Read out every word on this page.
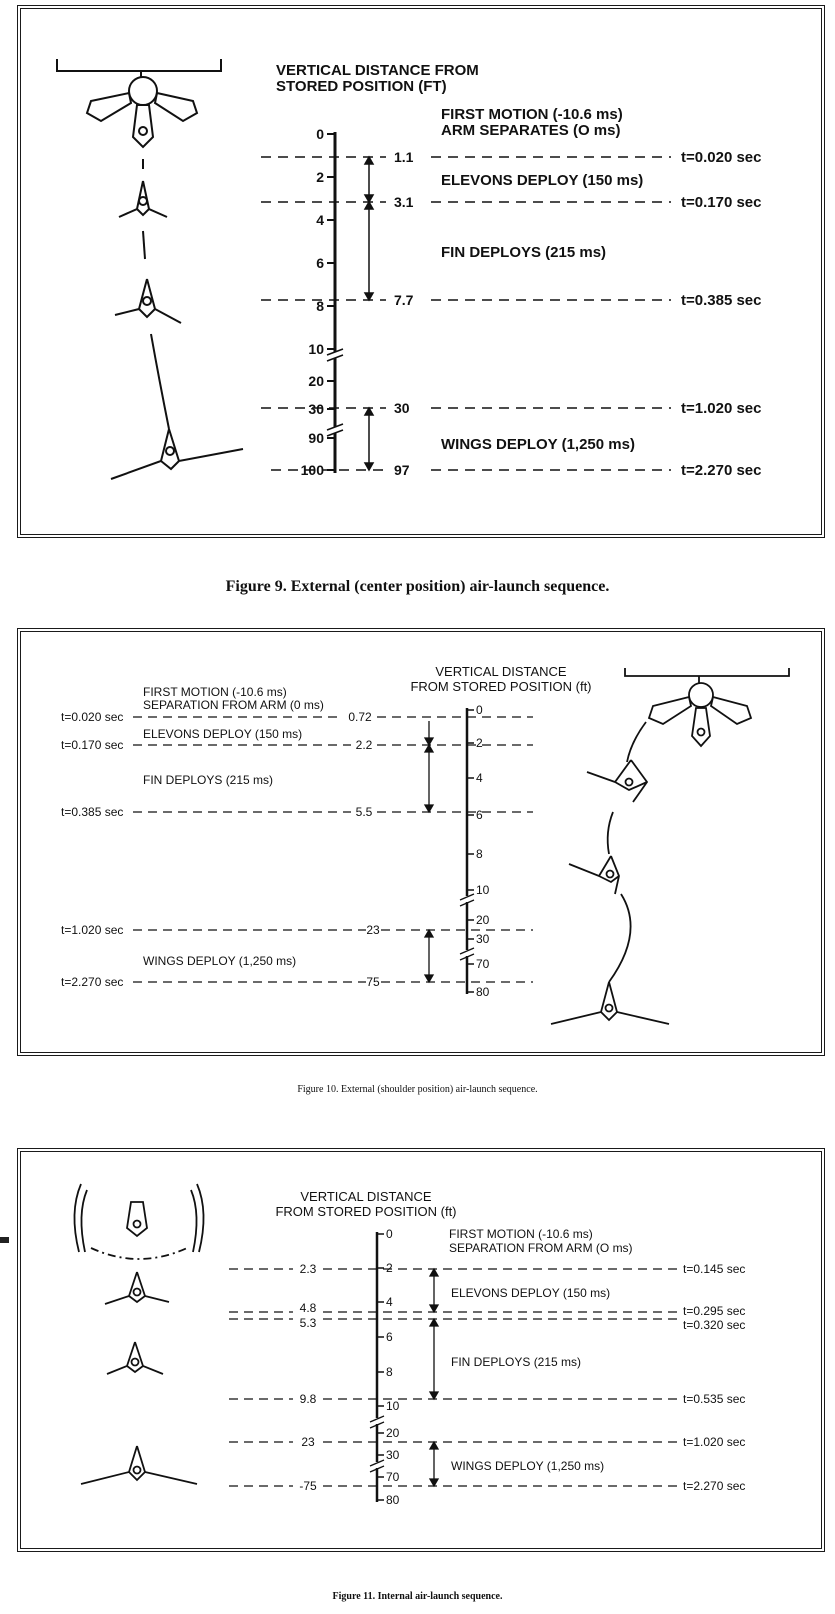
VERTICAL DISTANCE FROM
STORED POSITION (FT)
0
2
4
6
8
10
20
30
90
100
1.1
3.1
7.7
30
97
t=0.020 sec
t=0.170 sec
t=0.385 sec
t=1.020 sec
t=2.270 sec
FIRST MOTION (-10.6 ms)
ARM SEPARATES (O ms)
ELEVONS DEPLOY (150 ms)
FIN DEPLOYS (215 ms)
WINGS DEPLOY (1,250 ms)
Figure 9. External (center position) air-launch sequence.
VERTICAL DISTANCE
FROM STORED POSITION (ft)
0
2
4
6
8
10
20
30
70
80
t=0.020 sec
t=0.170 sec
t=0.385 sec
t=1.020 sec
t=2.270 sec
0.72
2.2
5.5
23
75
FIRST MOTION (-10.6 ms)
SEPARATION FROM ARM (0 ms)
ELEVONS DEPLOY (150 ms)
FIN DEPLOYS (215 ms)
WINGS DEPLOY (1,250 ms)
Figure 10. External (shoulder position) air-launch sequence.
VERTICAL DISTANCE
FROM STORED POSITION (ft)
0
2
4
6
8
10
20
30
70
80
2.3
4.8
5.3
9.8
23
-75
t=0.145 sec
t=0.295 sec
t=0.320 sec
t=0.535 sec
t=1.020 sec
t=2.270 sec
FIRST MOTION (-10.6 ms)
SEPARATION FROM ARM (O ms)
ELEVONS DEPLOY (150 ms)
FIN DEPLOYS (215 ms)
WINGS DEPLOY (1,250 ms)
Figure 11. Internal air-launch sequence.
